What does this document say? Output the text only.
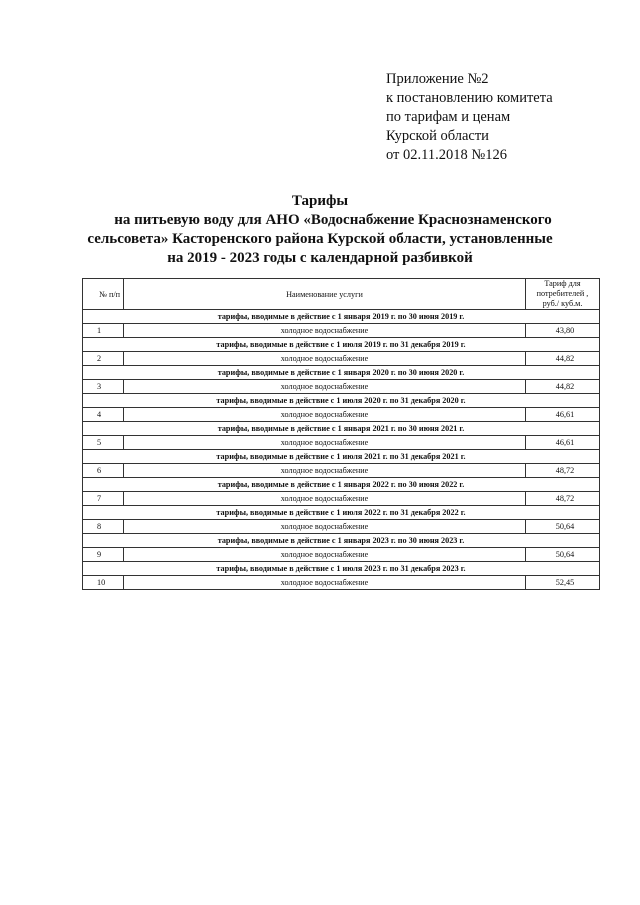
Приложение №2
к постановлению комитета
по тарифам и ценам
Курской области
от 02.11.2018 №126
Тарифы
на питьевую воду для АНО «Водоснабжение Краснознаменского
сельсовета» Касторенского района Курской области, установленные
на 2019 - 2023 годы с календарной разбивкой
№ п/п	Наименование услуги	Тариф для потребителей , руб./ куб.м.
тарифы, вводимые в действие с 1 января 2019 г. по 30 июня 2019 г.		
1	холодное водоснабжение	43,80
тарифы, вводимые в действие с 1 июля 2019 г. по 31 декабря 2019 г.		
2	холодное водоснабжение	44,82
тарифы, вводимые в действие с 1 января 2020 г. по 30 июня 2020 г.		
3	холодное водоснабжение	44,82
тарифы, вводимые в действие с 1 июля 2020 г. по 31 декабря 2020 г.		
4	холодное водоснабжение	46,61
тарифы, вводимые в действие с 1 января 2021 г. по 30 июня 2021 г.		
5	холодное водоснабжение	46,61
тарифы, вводимые в действие с 1 июля 2021 г. по 31 декабря 2021 г.		
6	холодное водоснабжение	48,72
тарифы, вводимые в действие с 1 января 2022 г. по 30 июня 2022 г.		
7	холодное водоснабжение	48,72
тарифы, вводимые в действие с 1 июля 2022 г. по 31 декабря 2022 г.		
8	холодное водоснабжение	50,64
тарифы, вводимые в действие с 1 января 2023 г. по 30 июня 2023 г.		
9	холодное водоснабжение	50,64
тарифы, вводимые в действие с 1 июля 2023 г. по 31 декабря 2023 г.		
10	холодное водоснабжение	52,45
